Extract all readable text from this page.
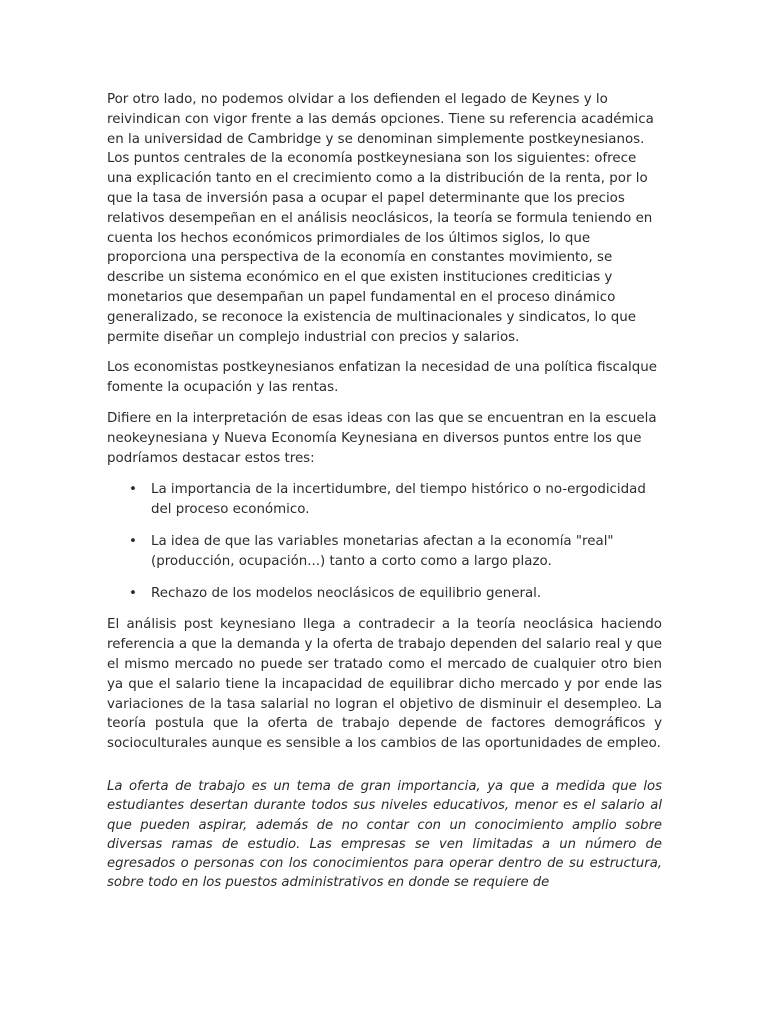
Por otro lado, no podemos olvidar a los defienden el legado de Keynes y lo reivindican con vigor frente a las demás opciones. Tiene su referencia académica en la universidad de Cambridge y se denominan simplemente postkeynesianos. Los puntos centrales de la economía postkeynesiana son los siguientes: ofrece una explicación tanto en el crecimiento como a la distribución de la renta, por lo que la tasa de inversión pasa a ocupar el papel determinante que los precios relativos desempeñan en el análisis neoclásicos, la teoría se formula teniendo en cuenta los hechos económicos primordiales de los últimos siglos, lo que proporciona una perspectiva de la economía en constantes movimiento, se describe un sistema económico en el que existen instituciones crediticias y monetarios que desempañan un papel fundamental en el proceso dinámico generalizado, se reconoce la existencia de multinacionales y sindicatos, lo que permite diseñar un complejo industrial con precios y salarios.

Los economistas postkeynesianos enfatizan la necesidad de una política fiscalque fomente la ocupación y las rentas.

Difiere en la interpretación de esas ideas con las que se encuentran en la escuela neokeynesiana y Nueva Economía Keynesiana en diversos puntos entre los que podríamos destacar estos tres:

• La importancia de la incertidumbre, del tiempo histórico o no-ergodicidad del proceso económico.
• La idea de que las variables monetarias afectan a la economía "real" (producción, ocupación...) tanto a corto como a largo plazo.
• Rechazo de los modelos neoclásicos de equilibrio general.

El análisis post keynesiano llega a contradecir a la teoría neoclásica haciendo referencia a que la demanda y la oferta de trabajo dependen del salario real y que el mismo mercado no puede ser tratado como el mercado de cualquier otro bien ya que el salario tiene la incapacidad de equilibrar dicho mercado y por ende las variaciones de la tasa salarial no logran el objetivo de disminuir el desempleo. La teoría postula que la oferta de trabajo depende de factores demográficos y socioculturales aunque es sensible a los cambios de las oportunidades de empleo.

La oferta de trabajo es un tema de gran importancia, ya que a medida que los estudiantes desertan durante todos sus niveles educativos, menor es el salario al que pueden aspirar, además de no contar con un conocimiento amplio sobre diversas ramas de estudio. Las empresas se ven limitadas a un número de egresados o personas con los conocimientos para operar dentro de su estructura, sobre todo en los puestos administrativos en donde se requiere de
